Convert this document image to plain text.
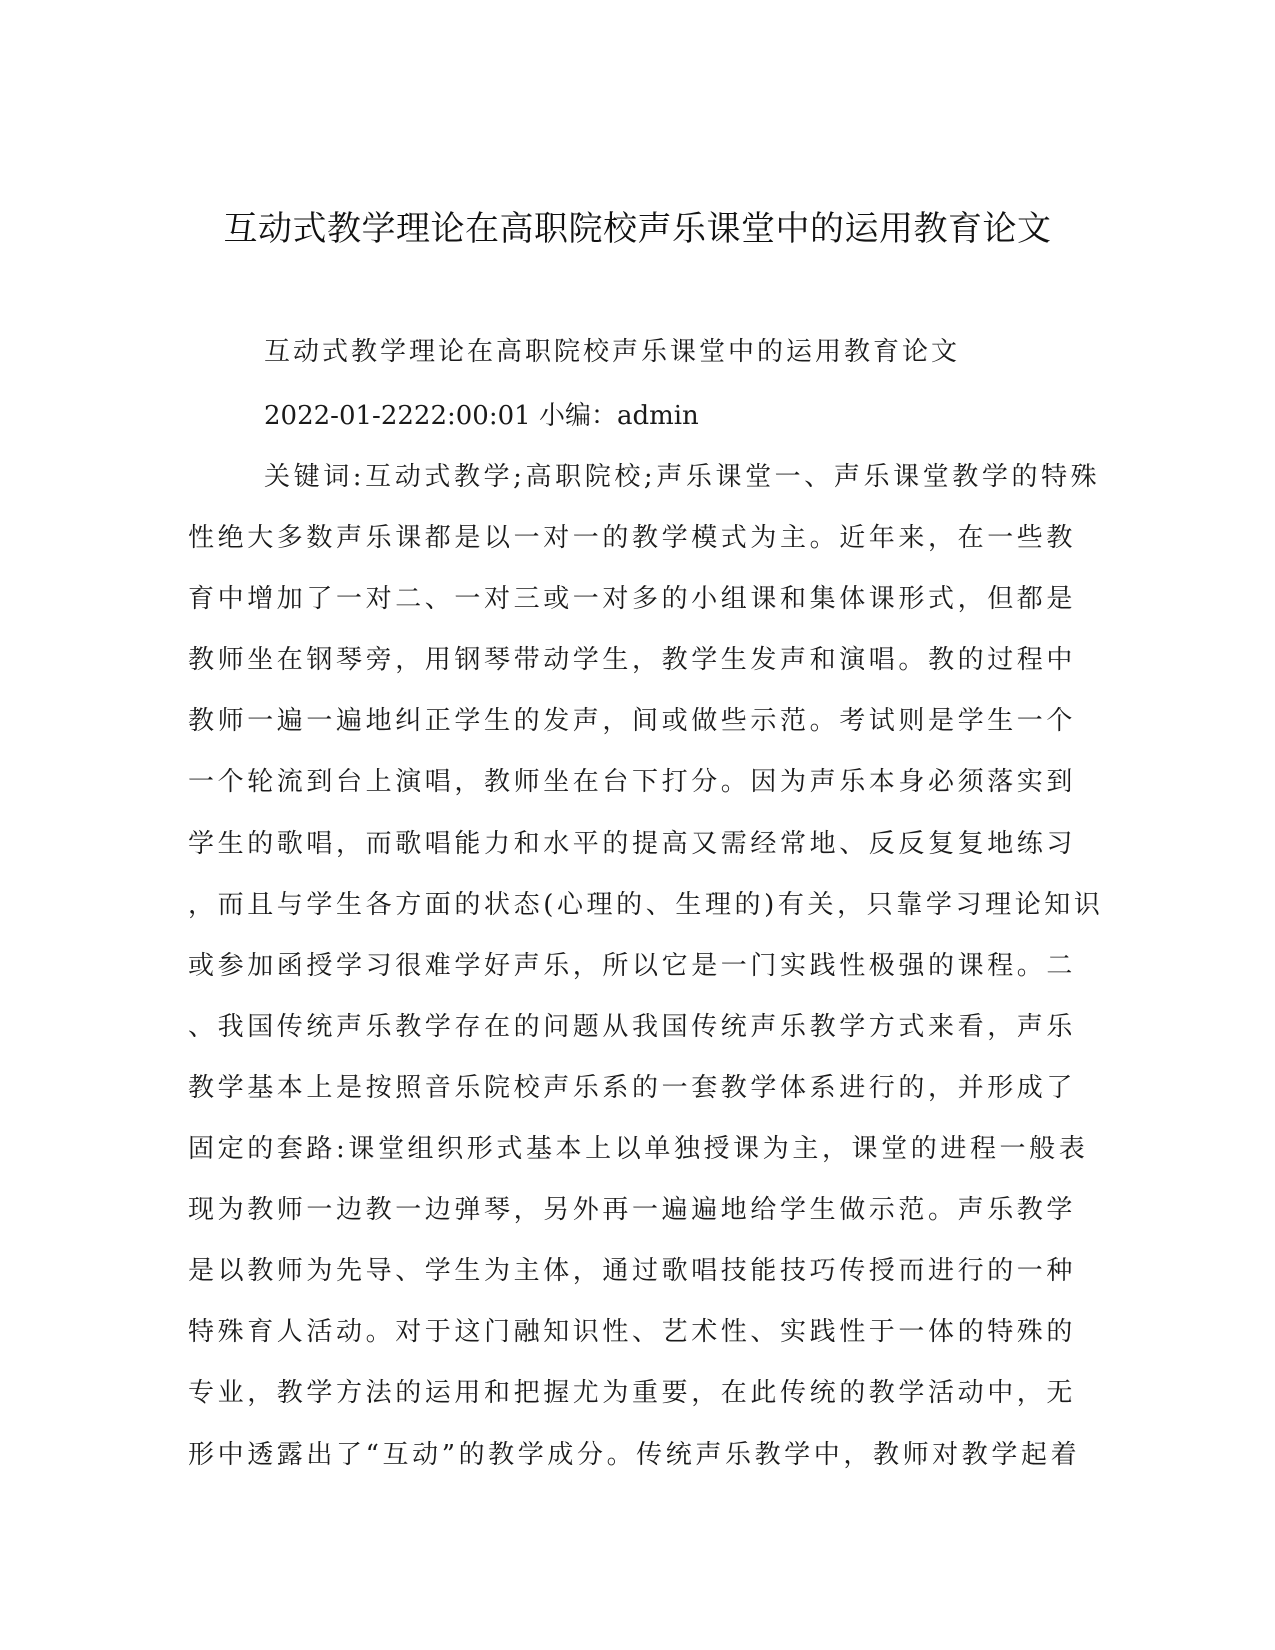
互动式教学理论在高职院校声乐课堂中的运用教育论文

互动式教学理论在高职院校声乐课堂中的运用教育论文

2022-01-2222:00:01 小编：admin

关键词:互动式教学;高职院校;声乐课堂一、声乐课堂教学的特殊
性绝大多数声乐课都是以一对一的教学模式为主。近年来，在一些教
育中增加了一对二、一对三或一对多的小组课和集体课形式，但都是
教师坐在钢琴旁，用钢琴带动学生，教学生发声和演唱。教的过程中
教师一遍一遍地纠正学生的发声，间或做些示范。考试则是学生一个
一个轮流到台上演唱，教师坐在台下打分。因为声乐本身必须落实到
学生的歌唱，而歌唱能力和水平的提高又需经常地、反反复复地练习
，而且与学生各方面的状态(心理的、生理的)有关，只靠学习理论知识
或参加函授学习很难学好声乐，所以它是一门实践性极强的课程。二
、我国传统声乐教学存在的问题从我国传统声乐教学方式来看，声乐
教学基本上是按照音乐院校声乐系的一套教学体系进行的，并形成了
固定的套路:课堂组织形式基本上以单独授课为主，课堂的进程一般表
现为教师一边教一边弹琴，另外再一遍遍地给学生做示范。声乐教学
是以教师为先导、学生为主体，通过歌唱技能技巧传授而进行的一种
特殊育人活动。对于这门融知识性、艺术性、实践性于一体的特殊的
专业，教学方法的运用和把握尤为重要，在此传统的教学活动中，无
形中透露出了“互动”的教学成分。传统声乐教学中，教师对教学起着
